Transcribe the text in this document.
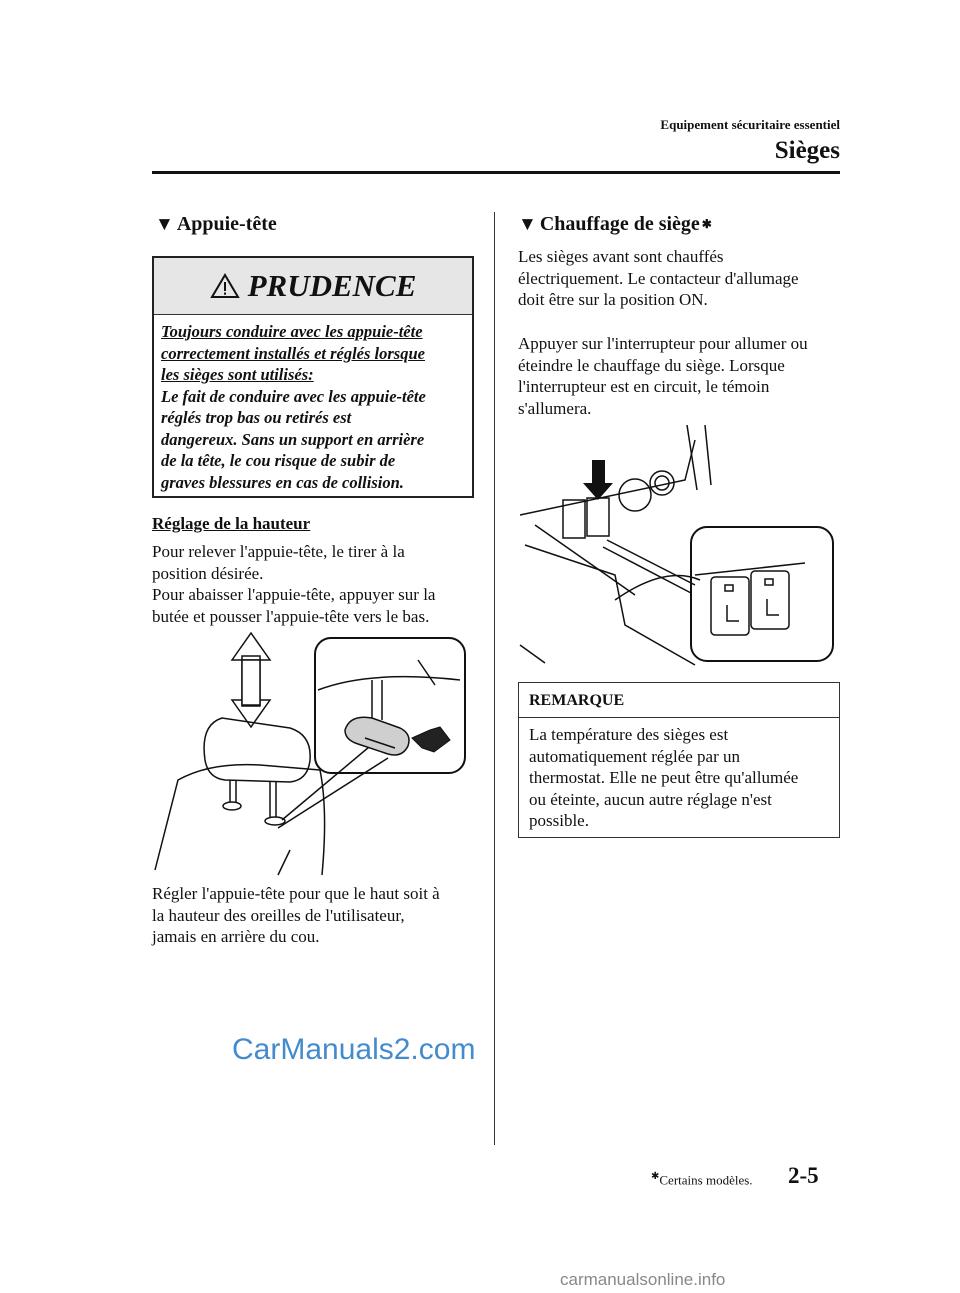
Equipement sécuritaire essentiel
Sièges
▼ Appuie-tête
PRUDENCE
Toujours conduire avec les appuie-tête
correctement installés et réglés lorsque
les sièges sont utilisés:
Le fait de conduire avec les appuie-tête
réglés trop bas ou retirés est
dangereux. Sans un support en arrière
de la tête, le cou risque de subir de
graves blessures en cas de collision.
Réglage de la hauteur
Pour relever l'appuie-tête, le tirer à la
position désirée.
Pour abaisser l'appuie-tête, appuyer sur la
butée et pousser l'appuie-tête vers le bas.
Régler l'appuie-tête pour que le haut soit à
la hauteur des oreilles de l'utilisateur,
jamais en arrière du cou.
▼ Chauffage de siège ✱
Les sièges avant sont chauffés
électriquement. Le contacteur d'allumage
doit être sur la position ON.
Appuyer sur l'interrupteur pour allumer ou
éteindre le chauffage du siège. Lorsque
l'interrupteur est en circuit, le témoin
s'allumera.
REMARQUE
La température des sièges est
automatiquement réglée par un
thermostat. Elle ne peut être qu'allumée
ou éteinte, aucun autre réglage n'est
possible.
CarManuals2.com
✱Certains modèles. 2-5
carmanualsonline.info
